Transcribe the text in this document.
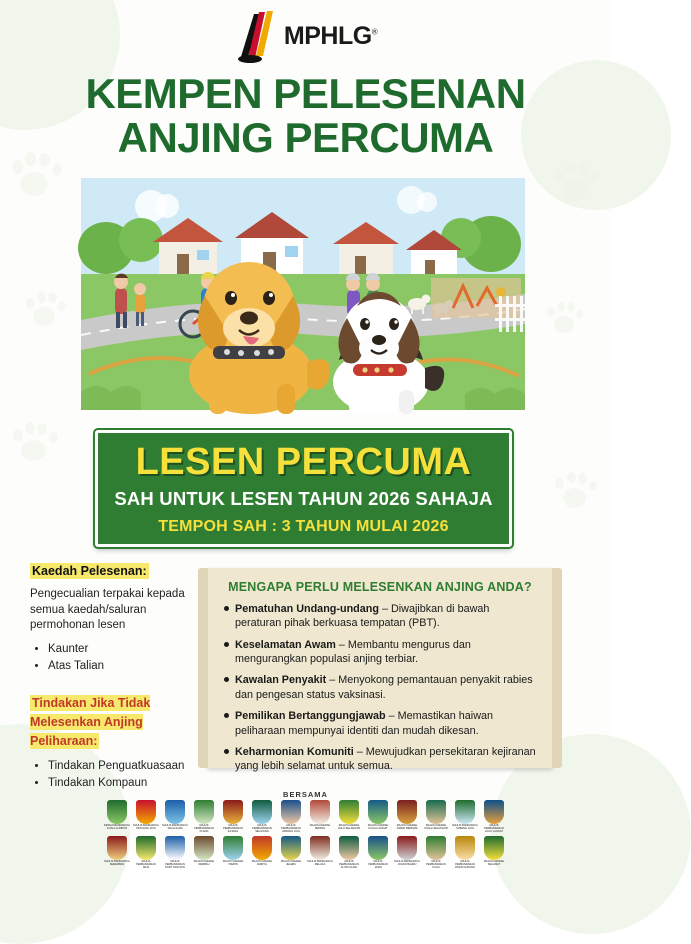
MPHLG®
KEMPEN PELESENAN
ANJING PERCUMA
LESEN PERCUMA
SAH UNTUK LESEN TAHUN 2026 SAHAJA
TEMPOH SAH : 3 TAHUN MULAI 2026
Kaedah Pelesenan:
Pengecualian terpakai kepada semua kaedah/saluran permohonan lesen
• Kaunter
• Atas Talian
Tindakan Jika Tidak Melesenkan Anjing Peliharaan:
• Tindakan Penguatkuasaan
• Tindakan Kompaun
MENGAPA PERLU MELESENKAN ANJING ANDA?
Pematuhan Undang-undang – Diwajibkan di bawah peraturan pihak berkuasa tempatan (PBT).
Keselamatan Awam – Membantu mengurus dan mengurangkan populasi anjing terbiar.
Kawalan Penyakit – Menyokong pemantauan penyakit rabies dan pengesan status vaksinasi.
Pemilikan Bertanggungjawab – Memastikan haiwan peliharaan mempunyai identiti dan mudah dikesan.
Keharmonian Komuniti – Mewujudkan persekitaran kejiranan yang lebih selamat untuk semua.
BERSAMA
DEWAN BANDARAYA KUALA LUMPUR
MAJLIS BANDARAYA PETALING JAYA
MAJLIS BANDARAYA SHAH ALAM
MAJLIS PERBANDARAN KLANG
MAJLIS PERBANDARAN KAJANG
MAJLIS PERBANDARAN SELAYANG
MAJLIS PERBANDARAN AMPANG JAYA
MAJLIS DAERAH SEPANG
MAJLIS DAERAH HULU SELANGOR
MAJLIS DAERAH KUALA LANGAT
MAJLIS DAERAH SABAK BERNAM
MAJLIS DAERAH KUALA SELANGOR
MAJLIS BANDARAYA SUBANG JAYA
MAJLIS PERBANDARAN HULU LANGAT
MAJLIS BANDARAYA SEREMBAN
MAJLIS PERBANDARAN NILAI
MAJLIS PERBANDARAN PORT DICKSON
MAJLIS DAERAH REMBAU
MAJLIS DAERAH TAMPIN
MAJLIS DAERAH JEMPOL
MAJLIS DAERAH JELEBU
MAJLIS BANDARAYA MELAKA
MAJLIS PERBANDARAN ALOR GAJAH
MAJLIS PERBANDARAN JASIN
MAJLIS BANDARAYA JOHOR BAHRU
MAJLIS PERBANDARAN KULAI
MAJLIS PERBANDARAN PASIR GUDANG
MAJLIS DAERAH SEGAMAT
